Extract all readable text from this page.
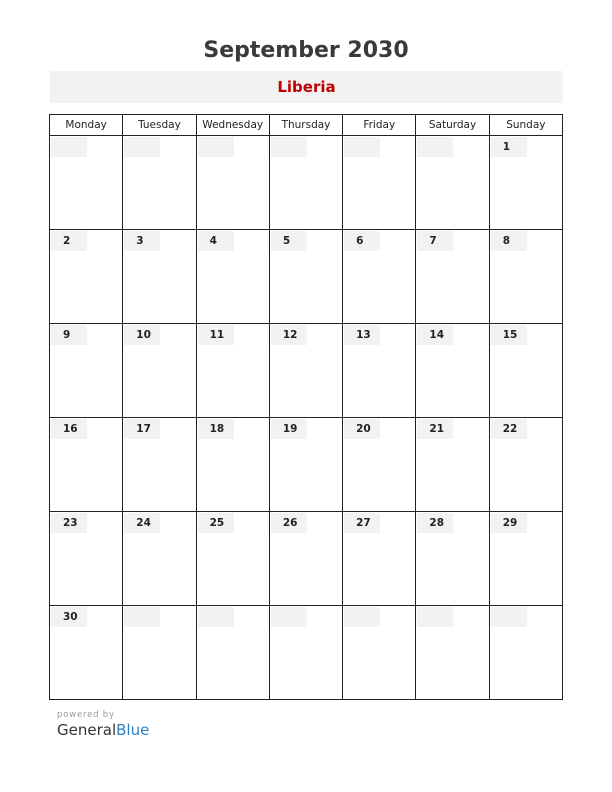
September 2030
Liberia
Monday	Tuesday	Wednesday	Thursday	Friday	Saturday	Sunday

						1

2	3	4	5	6	7	8

9	10	11	12	13	14	15

16	17	18	19	20	21	22

23	24	25	26	27	28	29

30						

powered by
GeneralBlue
